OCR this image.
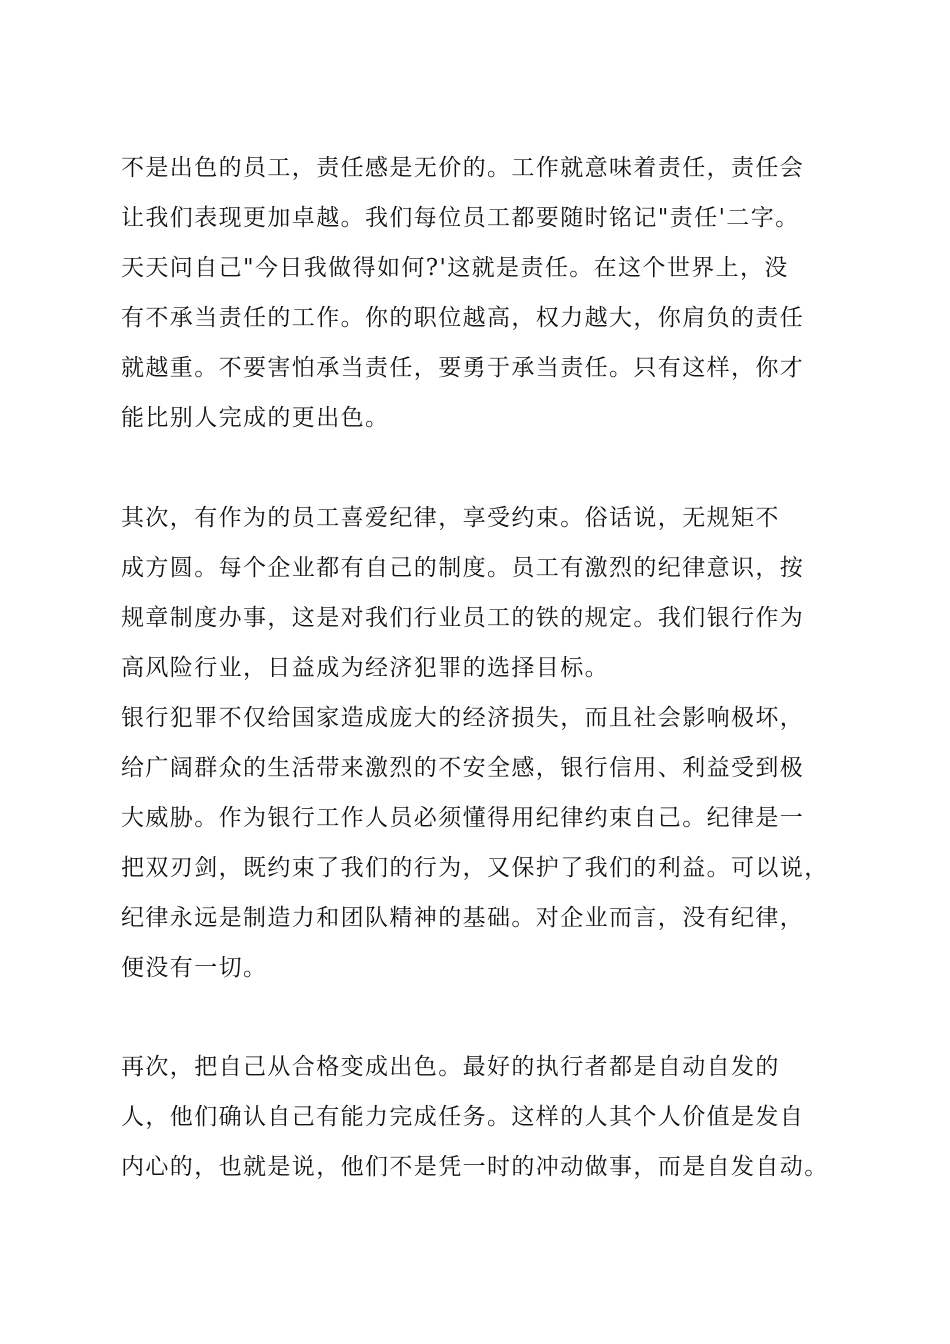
不是出色的员工，责任感是无价的。工作就意味着责任，责任会
让我们表现更加卓越。我们每位员工都要随时铭记"责任'二字。
天天问自己"今日我做得如何?'这就是责任。在这个世界上，没
有不承当责任的工作。你的职位越高，权力越大，你肩负的责任
就越重。不要害怕承当责任，要勇于承当责任。只有这样，你才
能比别人完成的更出色。
其次，有作为的员工喜爱纪律，享受约束。俗话说，无规矩不
成方圆。每个企业都有自己的制度。员工有激烈的纪律意识，按
规章制度办事，这是对我们行业员工的铁的规定。我们银行作为
高风险行业，日益成为经济犯罪的选择目标。
银行犯罪不仅给国家造成庞大的经济损失，而且社会影响极坏，
给广阔群众的生活带来激烈的不安全感，银行信用、利益受到极
大威胁。作为银行工作人员必须懂得用纪律约束自己。纪律是一
把双刃剑，既约束了我们的行为，又保护了我们的利益。可以说，
纪律永远是制造力和团队精神的基础。对企业而言，没有纪律，
便没有一切。
再次，把自己从合格变成出色。最好的执行者都是自动自发的
人，他们确认自己有能力完成任务。这样的人其个人价值是发自
内心的，也就是说，他们不是凭一时的冲动做事，而是自发自动。
